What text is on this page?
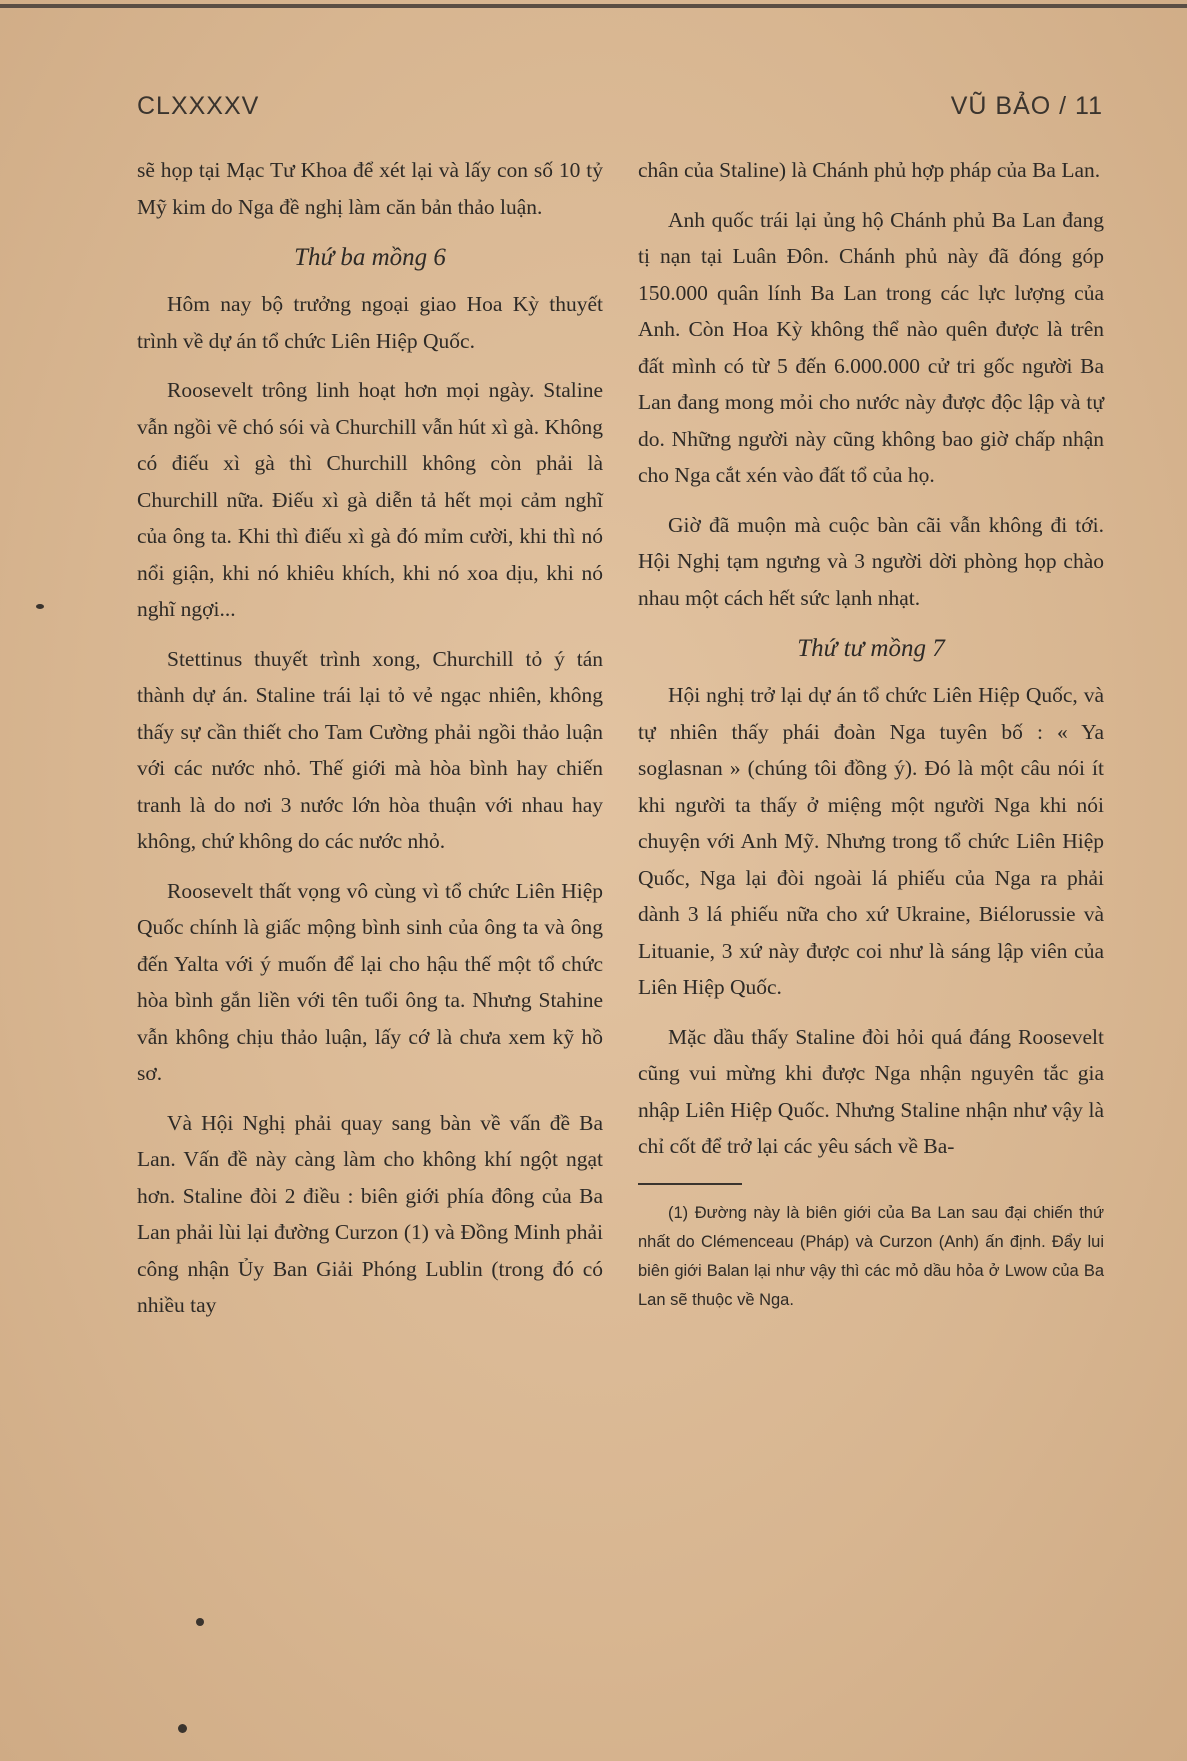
CLXXXXV	VŨ BẢO / 11

sẽ họp tại Mạc Tư Khoa để xét lại và lấy con số 10 tỷ Mỹ kim do Nga đề nghị làm căn bản thảo luận.

Thứ ba mồng 6

Hôm nay bộ trưởng ngoại giao Hoa Kỳ thuyết trình về dự án tổ chức Liên Hiệp Quốc.

Roosevelt trông linh hoạt hơn mọi ngày. Staline vẫn ngồi vẽ chó sói và Churchill vẫn hút xì gà. Không có điếu xì gà thì Churchill không còn phải là Churchill nữa. Điếu xì gà diễn tả hết mọi cảm nghĩ của ông ta. Khi thì điếu xì gà đó mỉm cười, khi thì nó nổi giận, khi nó khiêu khích, khi nó xoa dịu, khi nó nghĩ ngợi...

Stettinus thuyết trình xong, Churchill tỏ ý tán thành dự án. Staline trái lại tỏ vẻ ngạc nhiên, không thấy sự cần thiết cho Tam Cường phải ngồi thảo luận với các nước nhỏ. Thế giới mà hòa bình hay chiến tranh là do nơi 3 nước lớn hòa thuận với nhau hay không, chứ không do các nước nhỏ.

Roosevelt thất vọng vô cùng vì tổ chức Liên Hiệp Quốc chính là giấc mộng bình sinh của ông ta và ông đến Yalta với ý muốn để lại cho hậu thế một tổ chức hòa bình gắn liền với tên tuổi ông ta. Nhưng Stahine vẫn không chịu thảo luận, lấy cớ là chưa xem kỹ hồ sơ.

Và Hội Nghị phải quay sang bàn về vấn đề Ba Lan. Vấn đề này càng làm cho không khí ngột ngạt hơn. Staline đòi 2 điều : biên giới phía đông của Ba Lan phải lùi lại đường Curzon (1) và Đồng Minh phải công nhận Ủy Ban Giải Phóng Lublin (trong đó có nhiều tay

chân của Staline) là Chánh phủ hợp pháp của Ba Lan.

Anh quốc trái lại ủng hộ Chánh phủ Ba Lan đang tị nạn tại Luân Đôn. Chánh phủ này đã đóng góp 150.000 quân lính Ba Lan trong các lực lượng của Anh. Còn Hoa Kỳ không thể nào quên được là trên đất mình có từ 5 đến 6.000.000 cử tri gốc người Ba Lan đang mong mỏi cho nước này được độc lập và tự do. Những người này cũng không bao giờ chấp nhận cho Nga cắt xén vào đất tổ của họ.

Giờ đã muộn mà cuộc bàn cãi vẫn không đi tới. Hội Nghị tạm ngưng và 3 người dời phòng họp chào nhau một cách hết sức lạnh nhạt.

Thứ tư mồng 7

Hội nghị trở lại dự án tổ chức Liên Hiệp Quốc, và tự nhiên thấy phái đoàn Nga tuyên bố : « Ya soglasnan » (chúng tôi đồng ý). Đó là một câu nói ít khi người ta thấy ở miệng một người Nga khi nói chuyện với Anh Mỹ. Nhưng trong tổ chức Liên Hiệp Quốc, Nga lại đòi ngoài lá phiếu của Nga ra phải dành 3 lá phiếu nữa cho xứ Ukraine, Biélorussie và Lituanie, 3 xứ này được coi như là sáng lập viên của Liên Hiệp Quốc.

Mặc dầu thấy Staline đòi hỏi quá đáng Roosevelt cũng vui mừng khi được Nga nhận nguyên tắc gia nhập Liên Hiệp Quốc. Nhưng Staline nhận như vậy là chỉ cốt để trở lại các yêu sách về Ba-

(1) Đường này là biên giới của Ba Lan sau đại chiến thứ nhất do Clémenceau (Pháp) và Curzon (Anh) ấn định. Đẩy lui biên giới Balan lại như vậy thì các mỏ dầu hỏa ở Lwow của Ba Lan sẽ thuộc về Nga.
